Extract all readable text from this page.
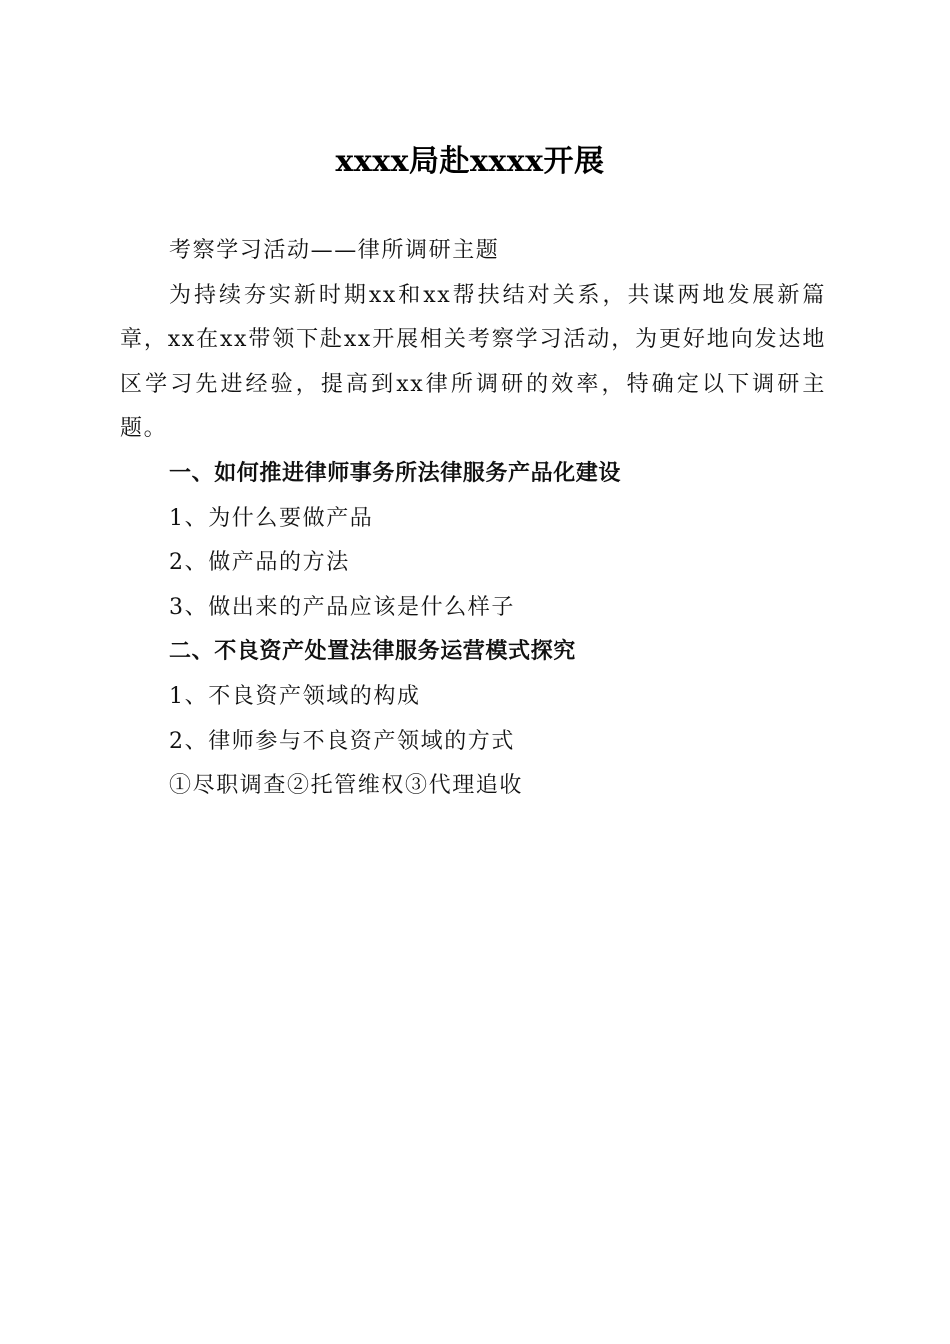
xxxx局赴xxxx开展

考察学习活动——律所调研主题

为持续夯实新时期xx和xx帮扶结对关系，共谋两地发展新篇章，xx在xx带领下赴xx开展相关考察学习活动，为更好地向发达地区学习先进经验，提高到xx律所调研的效率，特确定以下调研主题。

一、如何推进律师事务所法律服务产品化建设

1、为什么要做产品

2、做产品的方法

3、做出来的产品应该是什么样子

二、不良资产处置法律服务运营模式探究

1、不良资产领域的构成

2、律师参与不良资产领域的方式

①尽职调查②托管维权③代理追收
